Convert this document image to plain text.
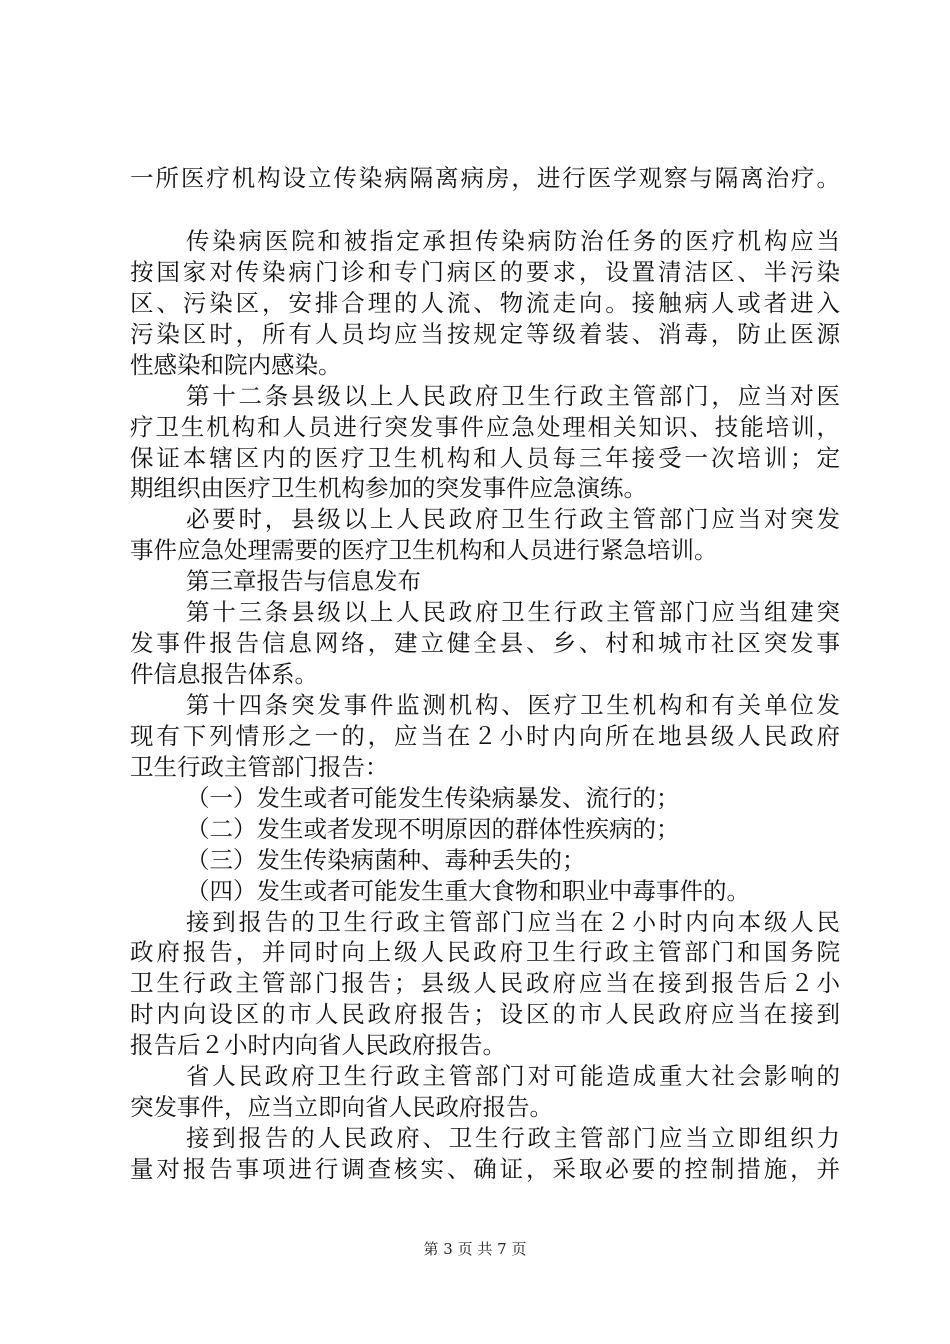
一所医疗机构设立传染病隔离病房，进行医学观察与隔离治疗。
传染病医院和被指定承担传染病防治任务的医疗机构应当
按国家对传染病门诊和专门病区的要求，设置清洁区、半污染
区、污染区，安排合理的人流、物流走向。接触病人或者进入
污染区时，所有人员均应当按规定等级着装、消毒，防止医源
性感染和院内感染。
第十二条县级以上人民政府卫生行政主管部门，应当对医
疗卫生机构和人员进行突发事件应急处理相关知识、技能培训，
保证本辖区内的医疗卫生机构和人员每三年接受一次培训；定
期组织由医疗卫生机构参加的突发事件应急演练。
必要时，县级以上人民政府卫生行政主管部门应当对突发
事件应急处理需要的医疗卫生机构和人员进行紧急培训。
第三章报告与信息发布
第十三条县级以上人民政府卫生行政主管部门应当组建突
发事件报告信息网络，建立健全县、乡、村和城市社区突发事
件信息报告体系。
第十四条突发事件监测机构、医疗卫生机构和有关单位发
现有下列情形之一的，应当在２小时内向所在地县级人民政府
卫生行政主管部门报告：
（一）发生或者可能发生传染病暴发、流行的；
（二）发生或者发现不明原因的群体性疾病的；
（三）发生传染病菌种、毒种丢失的；
（四）发生或者可能发生重大食物和职业中毒事件的。
接到报告的卫生行政主管部门应当在２小时内向本级人民
政府报告，并同时向上级人民政府卫生行政主管部门和国务院
卫生行政主管部门报告；县级人民政府应当在接到报告后２小
时内向设区的市人民政府报告；设区的市人民政府应当在接到
报告后２小时内向省人民政府报告。
省人民政府卫生行政主管部门对可能造成重大社会影响的
突发事件，应当立即向省人民政府报告。
接到报告的人民政府、卫生行政主管部门应当立即组织力
第 3 页 共 7 页
量对报告事项进行调查核实、确证，采取必要的控制措施，并
